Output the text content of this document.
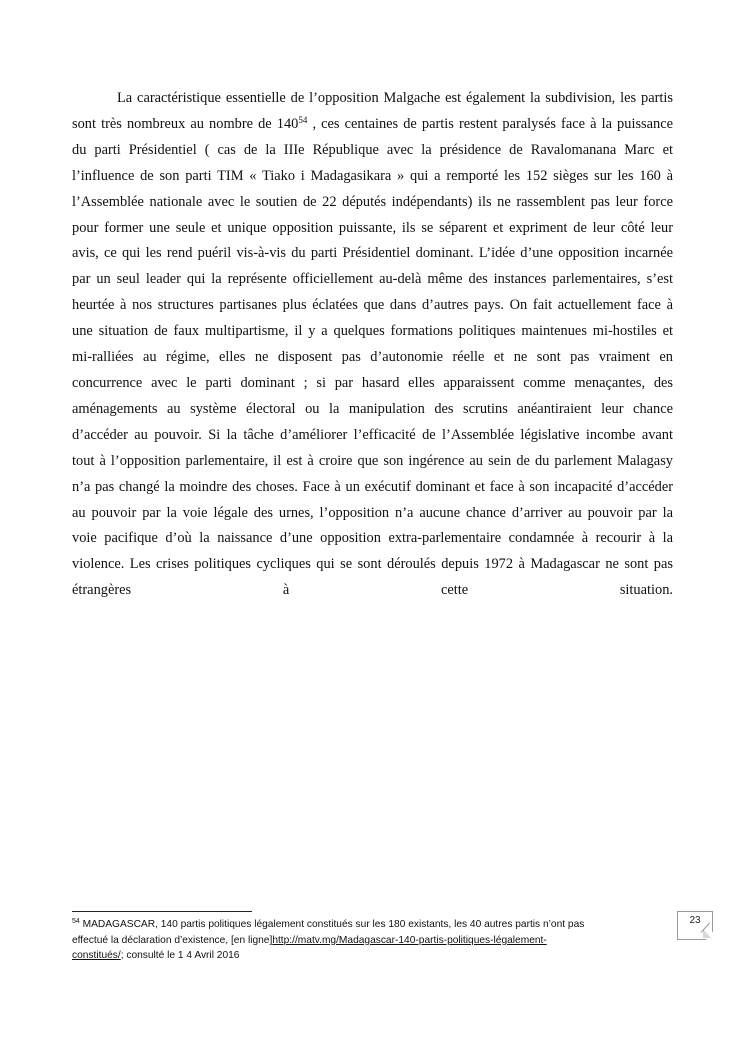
La caractéristique essentielle de l’opposition Malgache est également la subdivision, les partis
sont très nombreux au nombre de $140^{54}$ , ces centaines de partis restent paralysés face à la puissance
du parti Présidentiel ( cas de la IIIe République avec la présidence de Ravalomanana Marc et
l’influence de son parti TIM « Tiako i Madagasikara » qui a remporté les 152 sièges sur les 160 à
l’Assemblée nationale avec le soutien de 22 députés indépendants) ils ne rassemblent pas leur force
pour former une seule et unique opposition puissante, ils se séparent et expriment de leur côté leur
avis, ce qui les rend puéril vis-à-vis du parti Présidentiel dominant. L’idée d’une opposition incarnée
par un seul leader qui la représente officiellement au-delà même des instances parlementaires, s’est
heurtée à nos structures partisanes plus éclatées que dans d’autres pays. On fait actuellement face à
une situation de faux multipartisme, il y a quelques formations politiques maintenues mi-hostiles et
mi-ralliées au régime, elles ne disposent pas d’autonomie réelle et ne sont pas vraiment en
concurrence avec le parti dominant ; si par hasard elles apparaissent comme menaçantes, des
aménagements au système électoral ou la manipulation des scrutins anéantiraient leur chance
d’accéder au pouvoir. Si la tâche d’améliorer l’efficacité de l’Assemblée législative incombe avant
tout à l’opposition parlementaire, il est à croire que son ingérence au sein de du parlement Malagasy
n’a pas changé la moindre des choses. Face à un exécutif dominant et face à son incapacité d’accéder
au pouvoir par la voie légale des urnes, l’opposition n’a aucune chance d’arriver au pouvoir par la
voie pacifique d’où la naissance d’une opposition extra-parlementaire condamnée à recourir à la
violence. Les crises politiques cycliques qui se sont déroulés depuis 1972 à Madagascar ne sont pas
étrangères à cette situation.
$^{54}$ MADAGASCAR, 140 partis politiques légalement constitués sur les 180 existants, les 40 autres partis n’ont pas
effectué la déclaration d’existence, [en ligne]http://matv.mg/Madagascar-140-partis-politiques-légalement-
constitués/; consulté le 1 4 Avril 2016
23
